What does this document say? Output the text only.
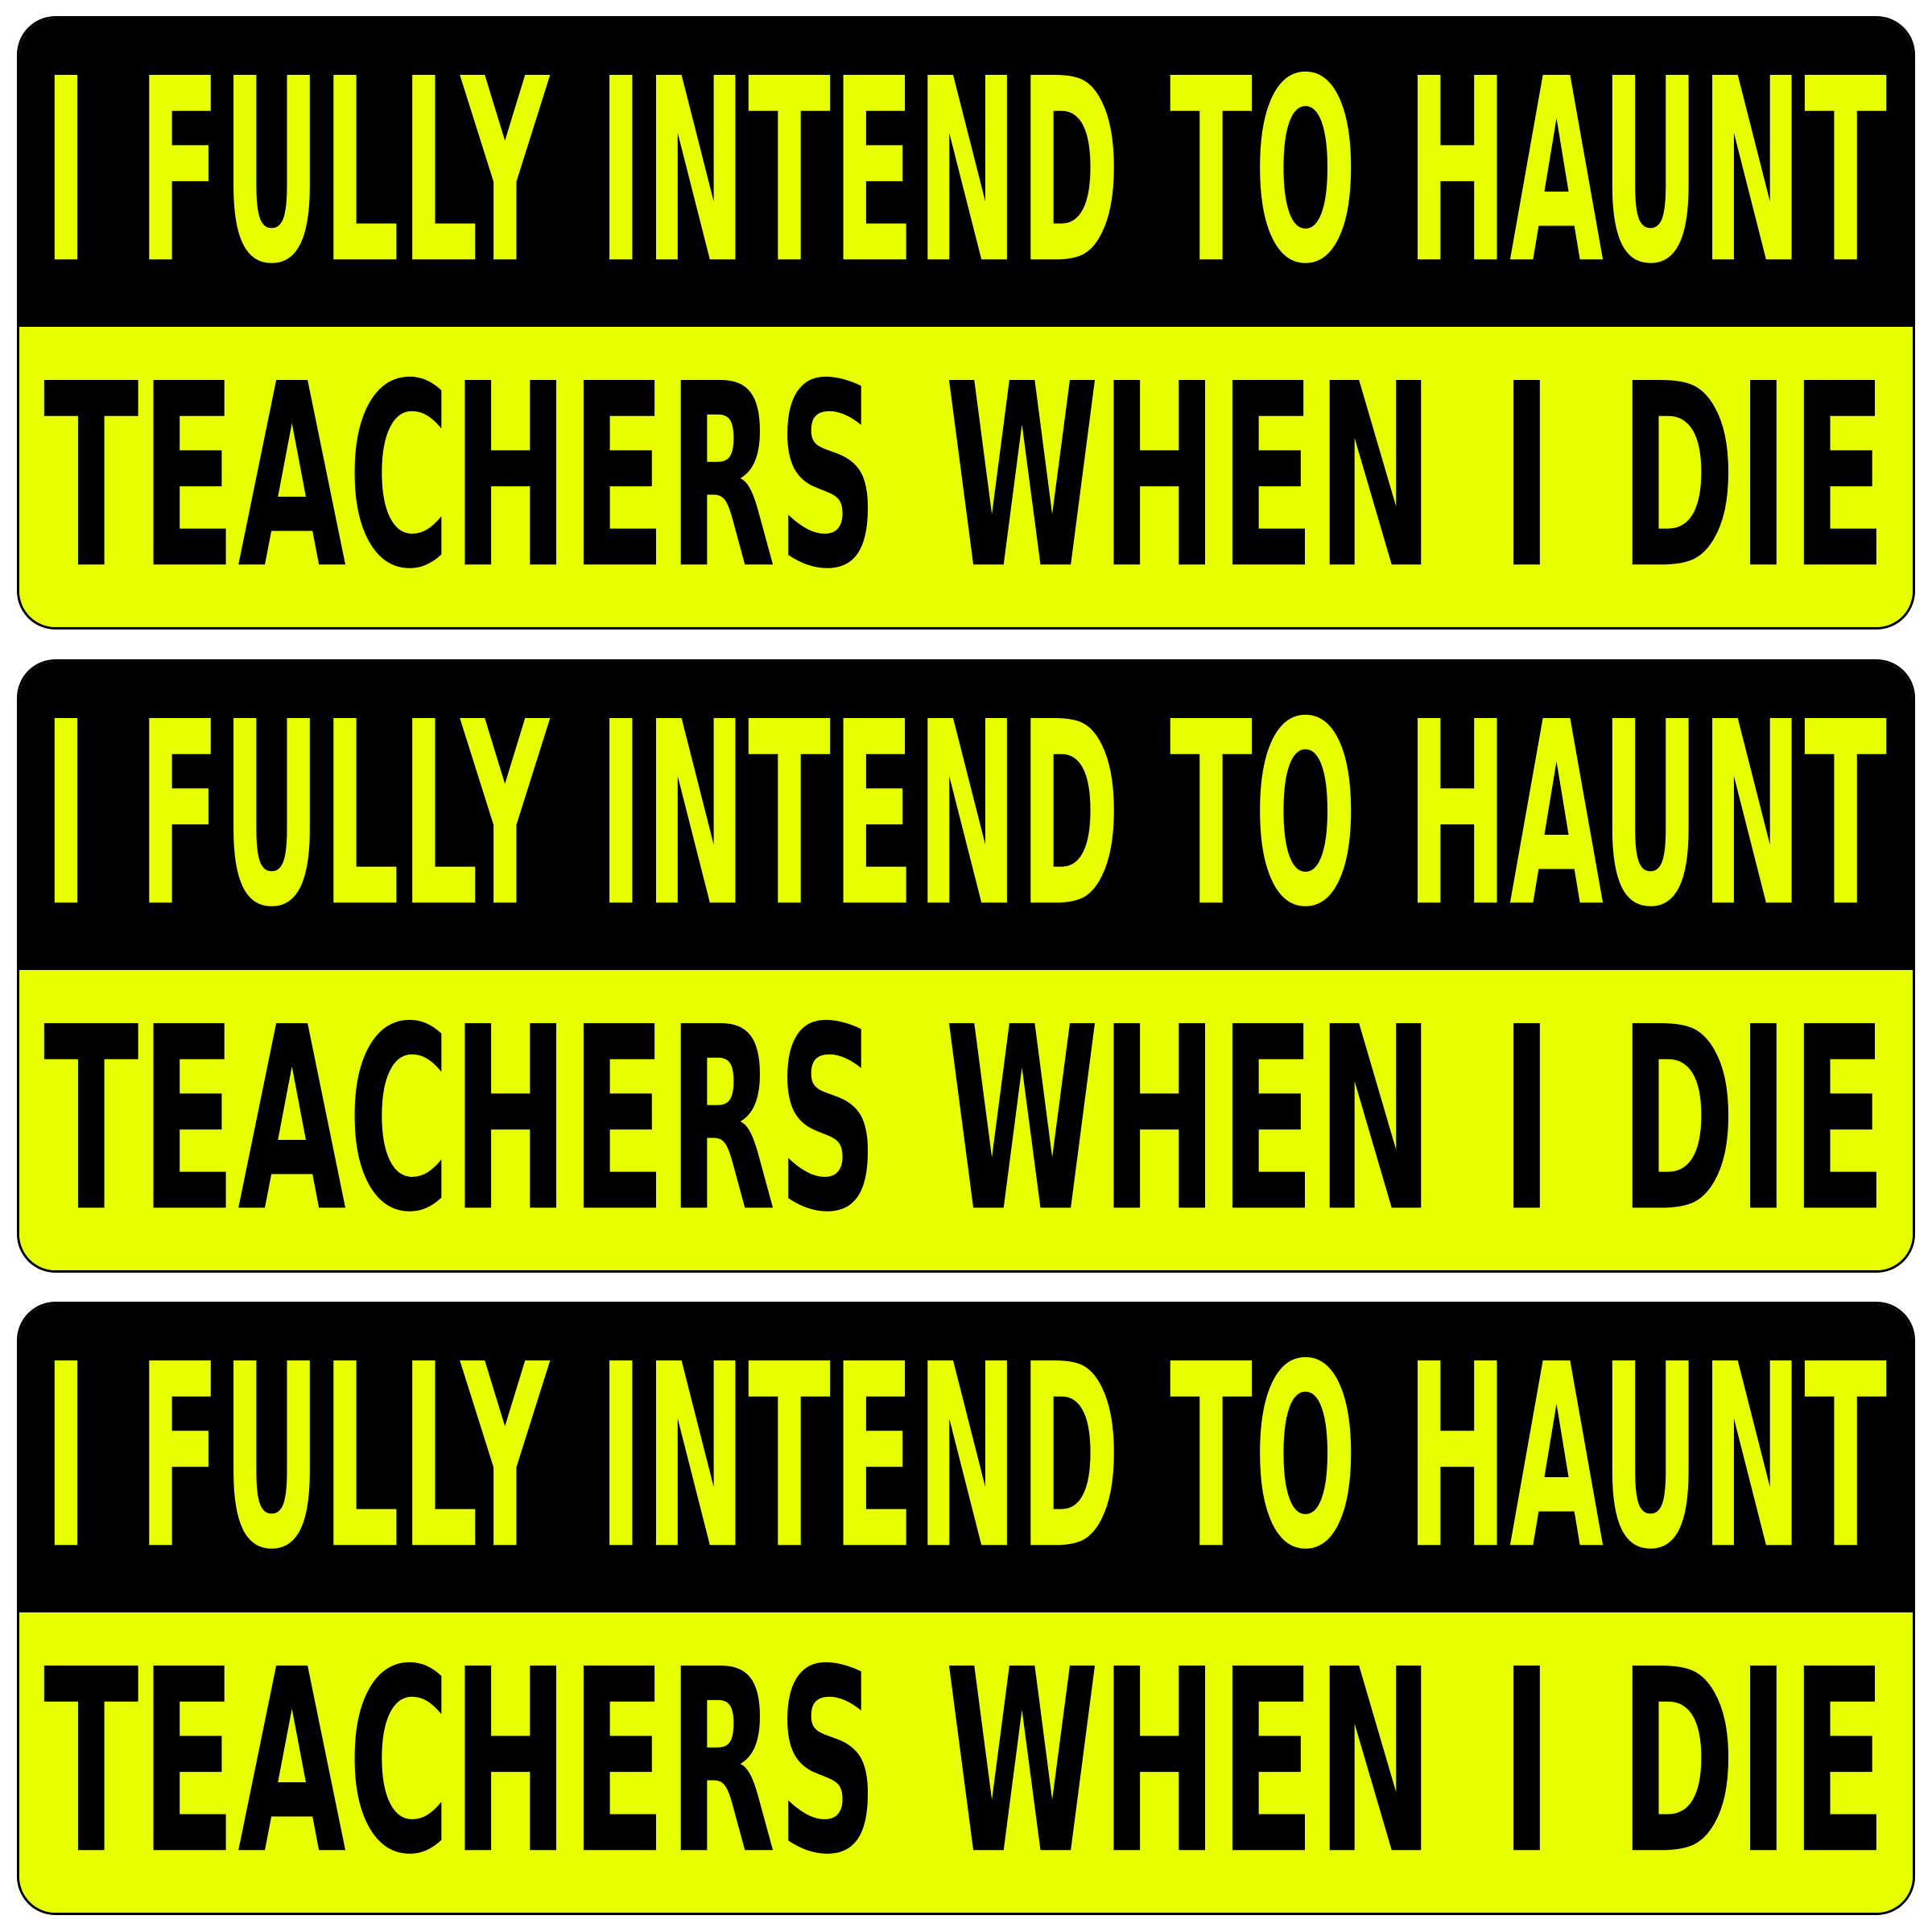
I FULLY INTEND TO HAUNT
TEACHERS WHEN I DIE
I FULLY INTEND TO HAUNT
TEACHERS WHEN I DIE
I FULLY INTEND TO HAUNT
TEACHERS WHEN I DIE
